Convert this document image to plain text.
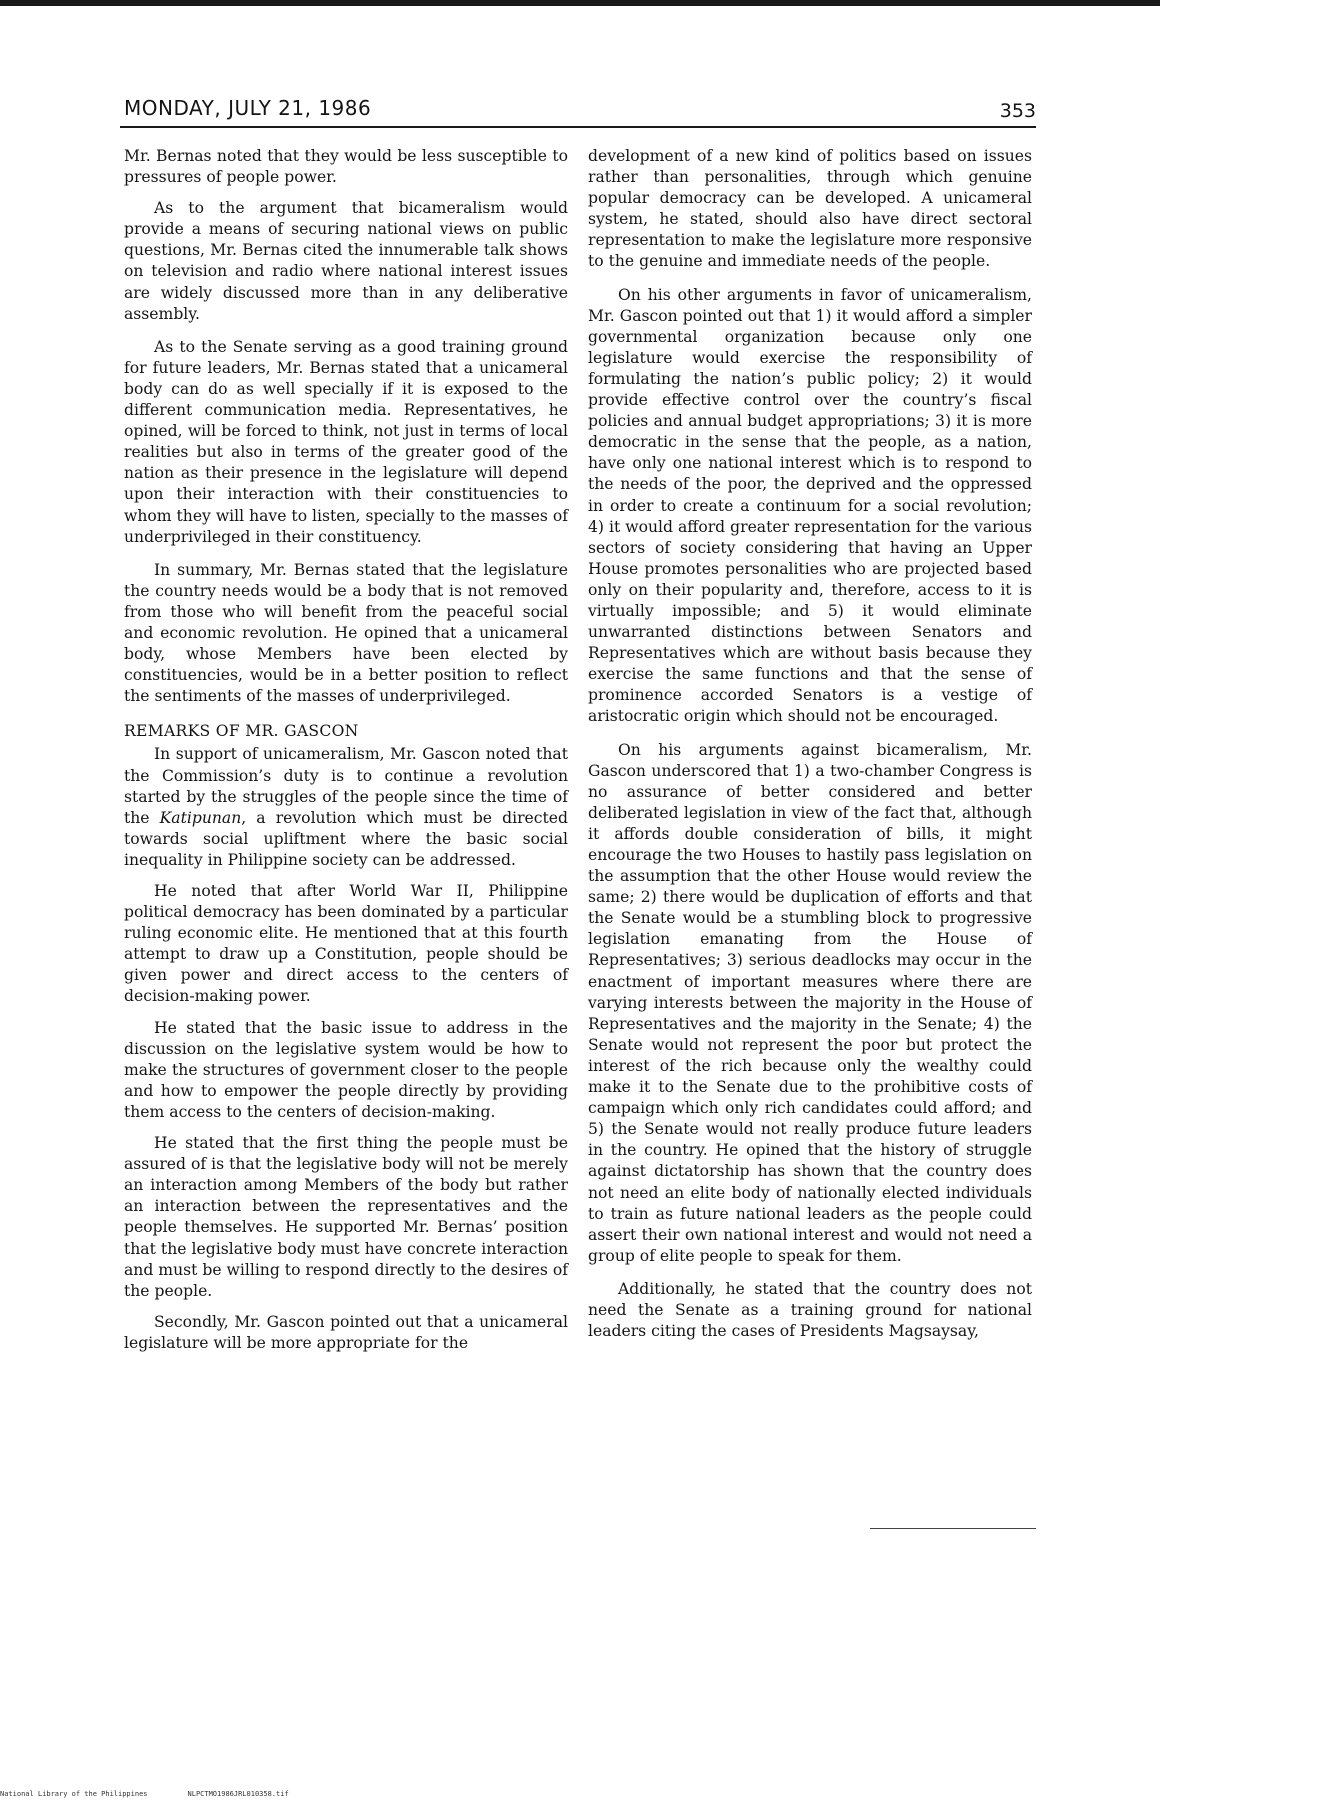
MONDAY, JULY 21, 1986	353

Mr. Bernas noted that they would be less susceptible to pressures of people power.

As to the argument that bicameralism would provide a means of securing national views on public questions, Mr. Bernas cited the innumerable talk shows on television and radio where national interest issues are widely discussed more than in any deliberative assembly.

As to the Senate serving as a good training ground for future leaders, Mr. Bernas stated that a unicameral body can do as well specially if it is exposed to the different communication media. Representatives, he opined, will be forced to think, not just in terms of local realities but also in terms of the greater good of the nation as their presence in the legislature will depend upon their interaction with their constituencies to whom they will have to listen, specially to the masses of underprivileged in their constituency.

In summary, Mr. Bernas stated that the legislature the country needs would be a body that is not removed from those who will benefit from the peaceful social and economic revolution. He opined that a unicameral body, whose Members have been elected by constituencies, would be in a better position to reflect the sentiments of the masses of underprivileged.

REMARKS OF MR. GASCON

In support of unicameralism, Mr. Gascon noted that the Commission’s duty is to continue a revolution started by the struggles of the people since the time of the Katipunan, a revolution which must be directed towards social upliftment where the basic social inequality in Philippine society can be addressed.

He noted that after World War II, Philippine political democracy has been dominated by a particular ruling economic elite. He mentioned that at this fourth attempt to draw up a Constitution, people should be given power and direct access to the centers of decision-making power.

He stated that the basic issue to address in the discussion on the legislative system would be how to make the structures of government closer to the people and how to empower the people directly by providing them access to the centers of decision-making.

He stated that the first thing the people must be assured of is that the legislative body will not be merely an interaction among Members of the body but rather an interaction between the representatives and the people themselves. He supported Mr. Bernas’ position that the legislative body must have concrete interaction and must be willing to respond directly to the desires of the people.

Secondly, Mr. Gascon pointed out that a unicameral legislature will be more appropriate for the

development of a new kind of politics based on issues rather than personalities, through which genuine popular democracy can be developed. A unicameral system, he stated, should also have direct sectoral representation to make the legislature more responsive to the genuine and immediate needs of the people.

On his other arguments in favor of unicameralism, Mr. Gascon pointed out that 1) it would afford a simpler governmental organization because only one legislature would exercise the responsibility of formulating the nation’s public policy; 2) it would provide effective control over the country’s fiscal policies and annual budget appropriations; 3) it is more democratic in the sense that the people, as a nation, have only one national interest which is to respond to the needs of the poor, the deprived and the oppressed in order to create a continuum for a social revolution; 4) it would afford greater representation for the various sectors of society considering that having an Upper House promotes personalities who are projected based only on their popularity and, therefore, access to it is virtually impossible; and 5) it would eliminate unwarranted distinctions between Senators and Representatives which are without basis because they exercise the same functions and that the sense of prominence accorded Senators is a vestige of aristocratic origin which should not be encouraged.

On his arguments against bicameralism, Mr. Gascon underscored that 1) a two-chamber Congress is no assurance of better considered and better deliberated legislation in view of the fact that, although it affords double consideration of bills, it might encourage the two Houses to hastily pass legislation on the assumption that the other House would review the same; 2) there would be duplication of efforts and that the Senate would be a stumbling block to progressive legislation emanating from the House of Representatives; 3) serious deadlocks may occur in the enactment of important measures where there are varying interests between the majority in the House of Representatives and the majority in the Senate; 4) the Senate would not represent the poor but protect the interest of the rich because only the wealthy could make it to the Senate due to the prohibitive costs of campaign which only rich candidates could afford; and 5) the Senate would not really produce future leaders in the country. He opined that the history of struggle against dictatorship has shown that the country does not need an elite body of nationally elected individuals to train as future national leaders as the people could assert their own national interest and would not need a group of elite people to speak for them.

Additionally, he stated that the country does not need the Senate as a training ground for national leaders citing the cases of Presidents Magsaysay,

National Library of the Philippines	NLPCTMO1986JRL010358.tif
